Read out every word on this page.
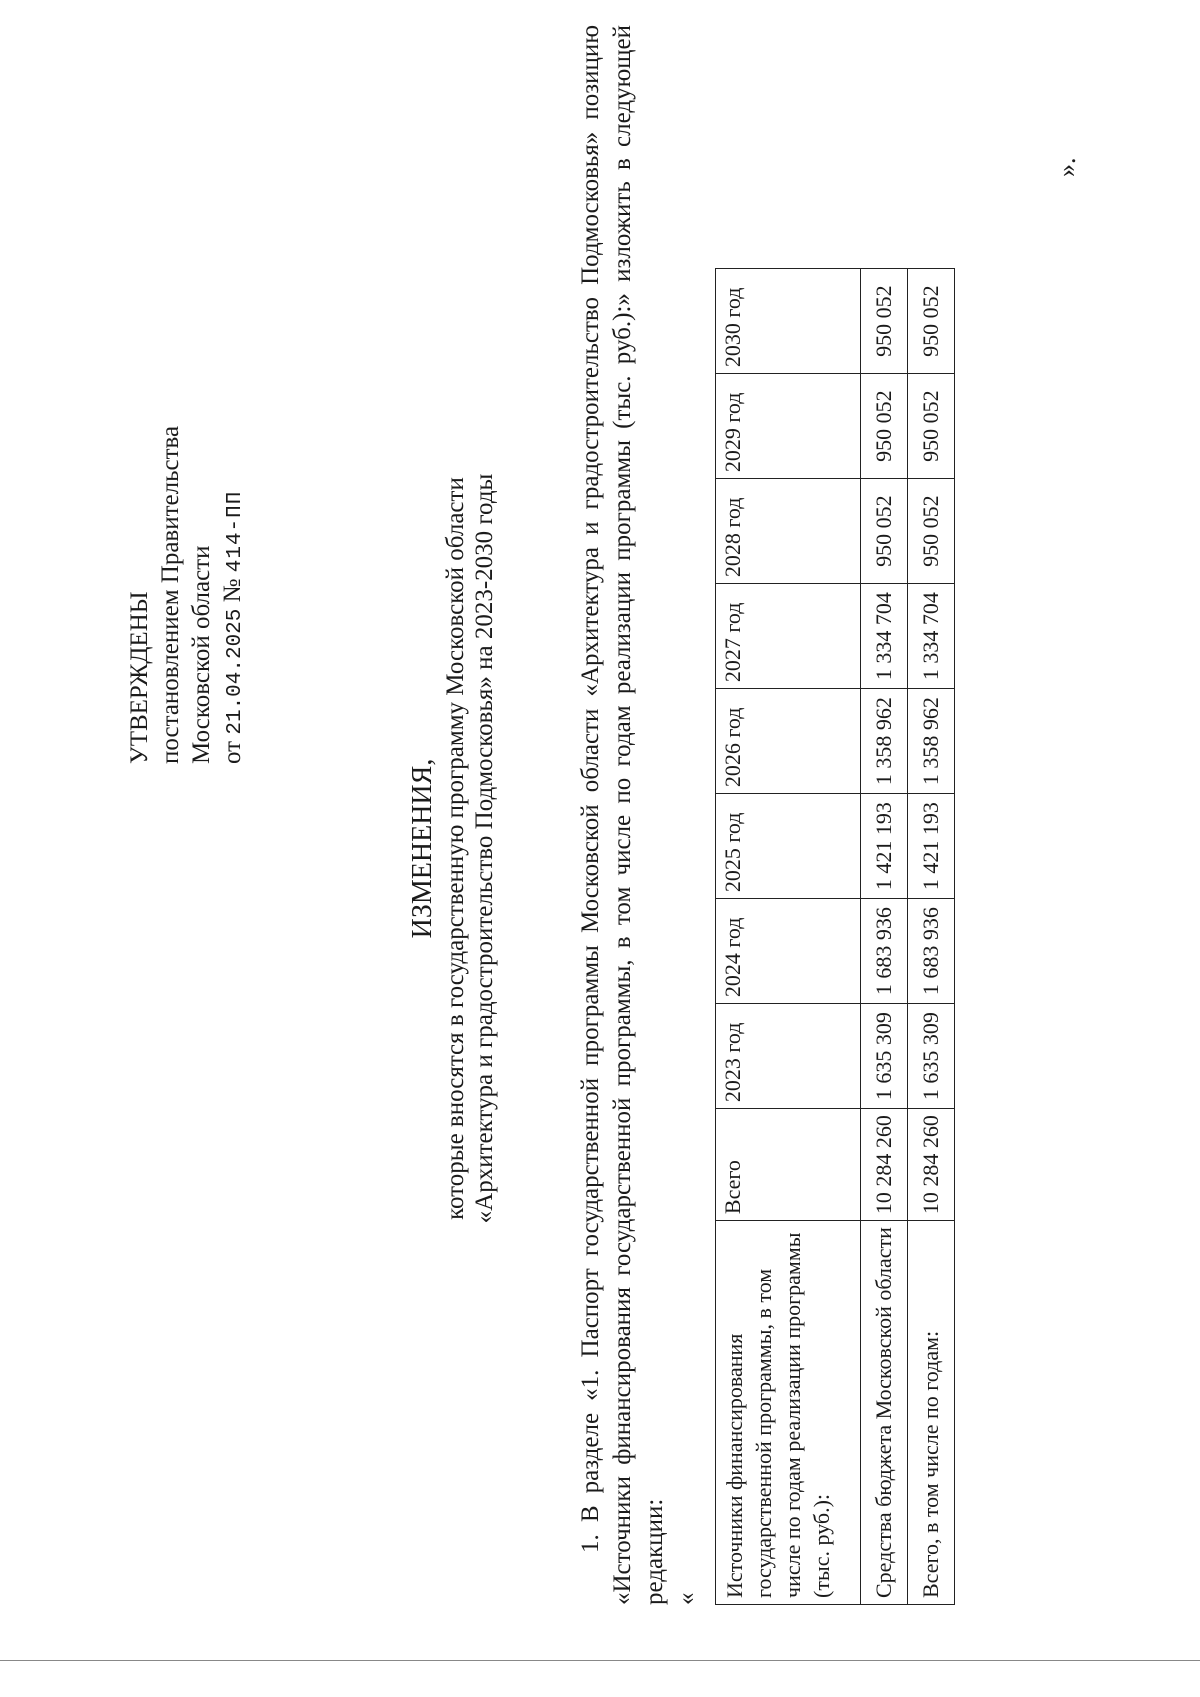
УТВЕРЖДЕНЫ постановлением Правительства Московской области от 21.04.2025 № 414-ПП
ИЗМЕНЕНИЯ, которые вносятся в государственную программу Московской области «Архитектура и градостроительство Подмосковья» на 2023-2030 годы	1. В разделе «1. Паспорт государственной программы Московской области «Архитектура и градостроительство Подмосковья» позицию «Источники финансирования государственной программы, в том числе по годам реализации программы (тыс. руб.):» изложить в следующей редакции: «

Источники финансирования государственной программы, в том числе по годам реализации программы (тыс. руб.):	Всего	2023 год	2024 год	2025 год	2026 год	2027 год	2028 год	2029 год	2030 год
Средства бюджета Московской области	10 284 260	1 635 309	1 683 936	1 421 193	1 358 962	1 334 704	950 052	950 052	950 052
Всего, в том числе по годам:	10 284 260	1 635 309	1 683 936	1 421 193	1 358 962	1 334 704	950 052	950 052	950 052
».
